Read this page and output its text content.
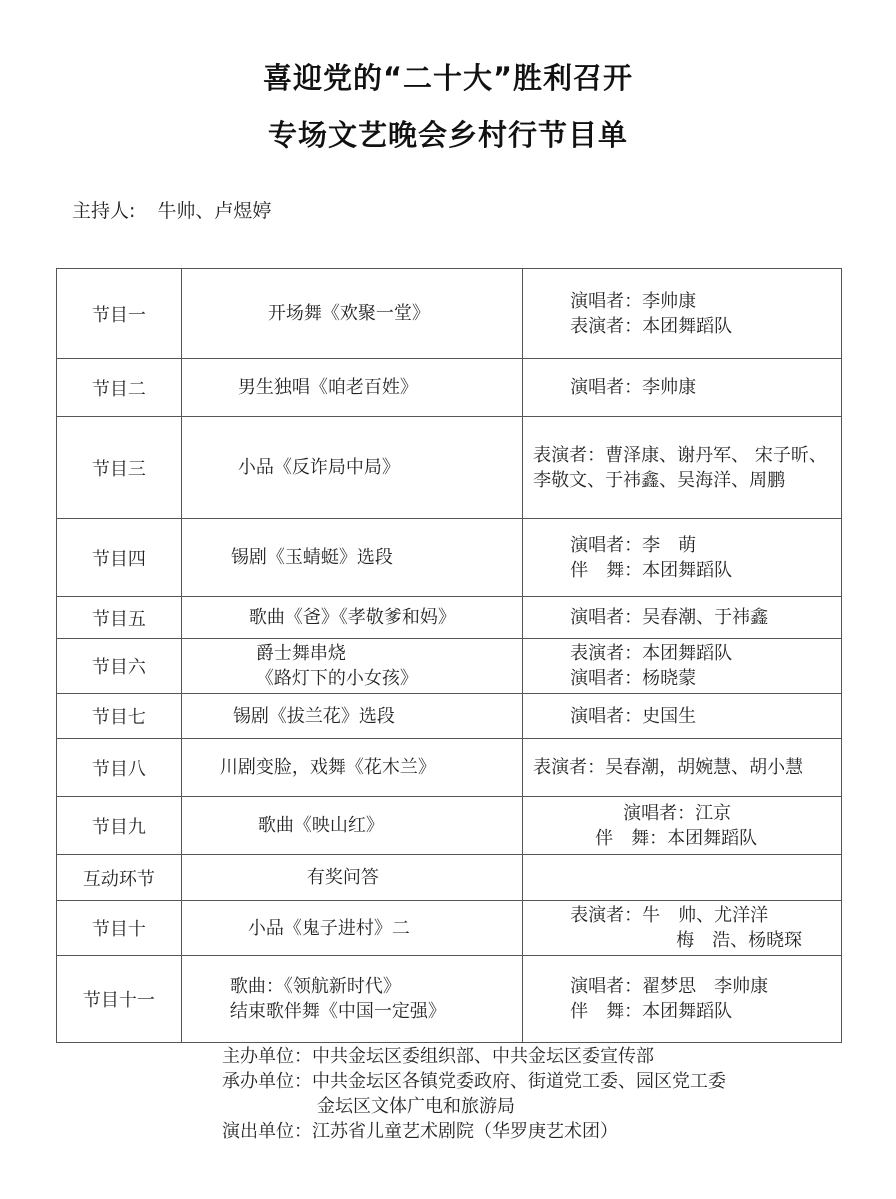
喜迎党的“二十大”胜利召开
专场文艺晚会乡村行节目单
主持人: 牛帅、卢煜婷
节目一	开场舞《欢聚一堂》	演唱者：李帅康
表演者：本团舞蹈队

节目二	男生独唱《咱老百姓》	演唱者：李帅康

节目三	小品《反诈局中局》	表演者：曹泽康、谢丹军、 宋子昕、
李敬文、于祎鑫、吴海洋、周鹏

节目四	锡剧《玉蜻蜓》选段	演唱者：李　萌
伴　舞：本团舞蹈队

节目五	歌曲《爸》《孝敬爹和妈》	演唱者：吴春潮、于祎鑫

节目六	爵士舞串烧
《路灯下的小女孩》	表演者：本团舞蹈队
演唱者：杨晓蒙

节目七	锡剧《拔兰花》选段	演唱者：史国生

节目八	川剧变脸，戏舞《花木兰》	表演者：吴春潮，胡婉慧、胡小慧

节目九	歌曲《映山红》	演唱者：江京
伴　舞：本团舞蹈队

互动环节	有奖问答	

节目十	小品《鬼子进村》二	表演者：牛　帅、尤洋洋
梅　浩、杨晓琛

节目十一	歌曲：《领航新时代》
结束歌伴舞《中国一定强》	演唱者：翟梦思　李帅康
伴　舞：本团舞蹈队
主办单位：中共金坛区委组织部、中共金坛区委宣传部
承办单位：中共金坛区各镇党委政府、街道党工委、园区党工委
金坛区文体广电和旅游局
演出单位：江苏省儿童艺术剧院（华罗庚艺术团）
